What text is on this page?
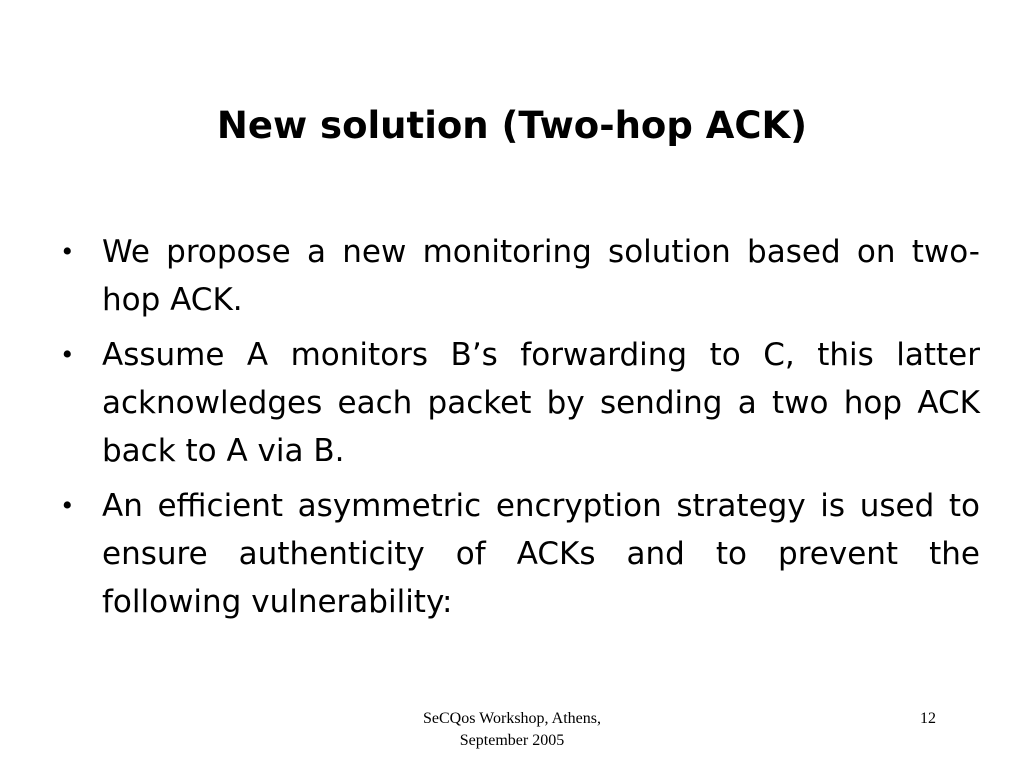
New solution (Two-hop ACK)
• We propose a new monitoring solution based on two-hop ACK.
• Assume A monitors B’s forwarding to C, this latter acknowledges each packet by sending a two hop ACK back to A via B.
• An efficient asymmetric encryption strategy is used to ensure authenticity of ACKs and to prevent the following vulnerability:
SeCQos Workshop, Athens,
September 2005
12
